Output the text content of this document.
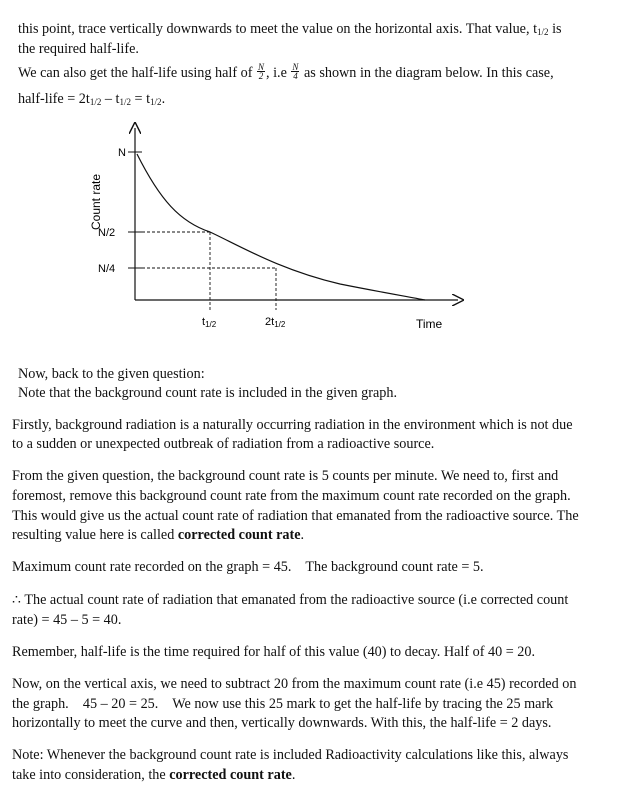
this point, trace vertically downwards to meet the value on the horizontal axis. That value, $t_{1/2}$ is
the required half-life.
We can also get the half-life using half of $\frac{N}{2}$, $i.e \frac{N}{4}$ as shown in the diagram below. In this case,
half-life = $2t_{1/2} - t_{1/2} = t_{1/2}$.
Count rate
N
N/2
N/4
t1/2	2t1/2	Time
Now, back to the given question:
Note that the background count rate is included in the given graph.
Firstly, background radiation is a naturally occurring radiation in the environment which is not due
to a sudden or unexpected outbreak of radiation from a radioactive source.
From the given question, the background count rate is 5 counts per minute. We need to, first and
foremost, remove this background count rate from the maximum count rate recorded on the graph.
This would give us the actual count rate of radiation that emanated from the radioactive source. The
resulting value here is called corrected count rate.
Maximum count rate recorded on the graph = 45.    The background count rate = 5.
∴ The actual count rate of radiation that emanated from the radioactive source (i.e corrected count
rate) = 45 – 5 = 40.
Remember, half-life is the time required for half of this value (40) to decay. Half of 40 = 20.
Now, on the vertical axis, we need to subtract 20 from the maximum count rate (i.e 45) recorded on
the graph.    45 – 20 = 25.    We now use this 25 mark to get the half-life by tracing the 25 mark
horizontally to meet the curve and then, vertically downwards. With this, the half-life = 2 days.
Note: Whenever the background count rate is included Radioactivity calculations like this, always
take into consideration, the corrected count rate.
